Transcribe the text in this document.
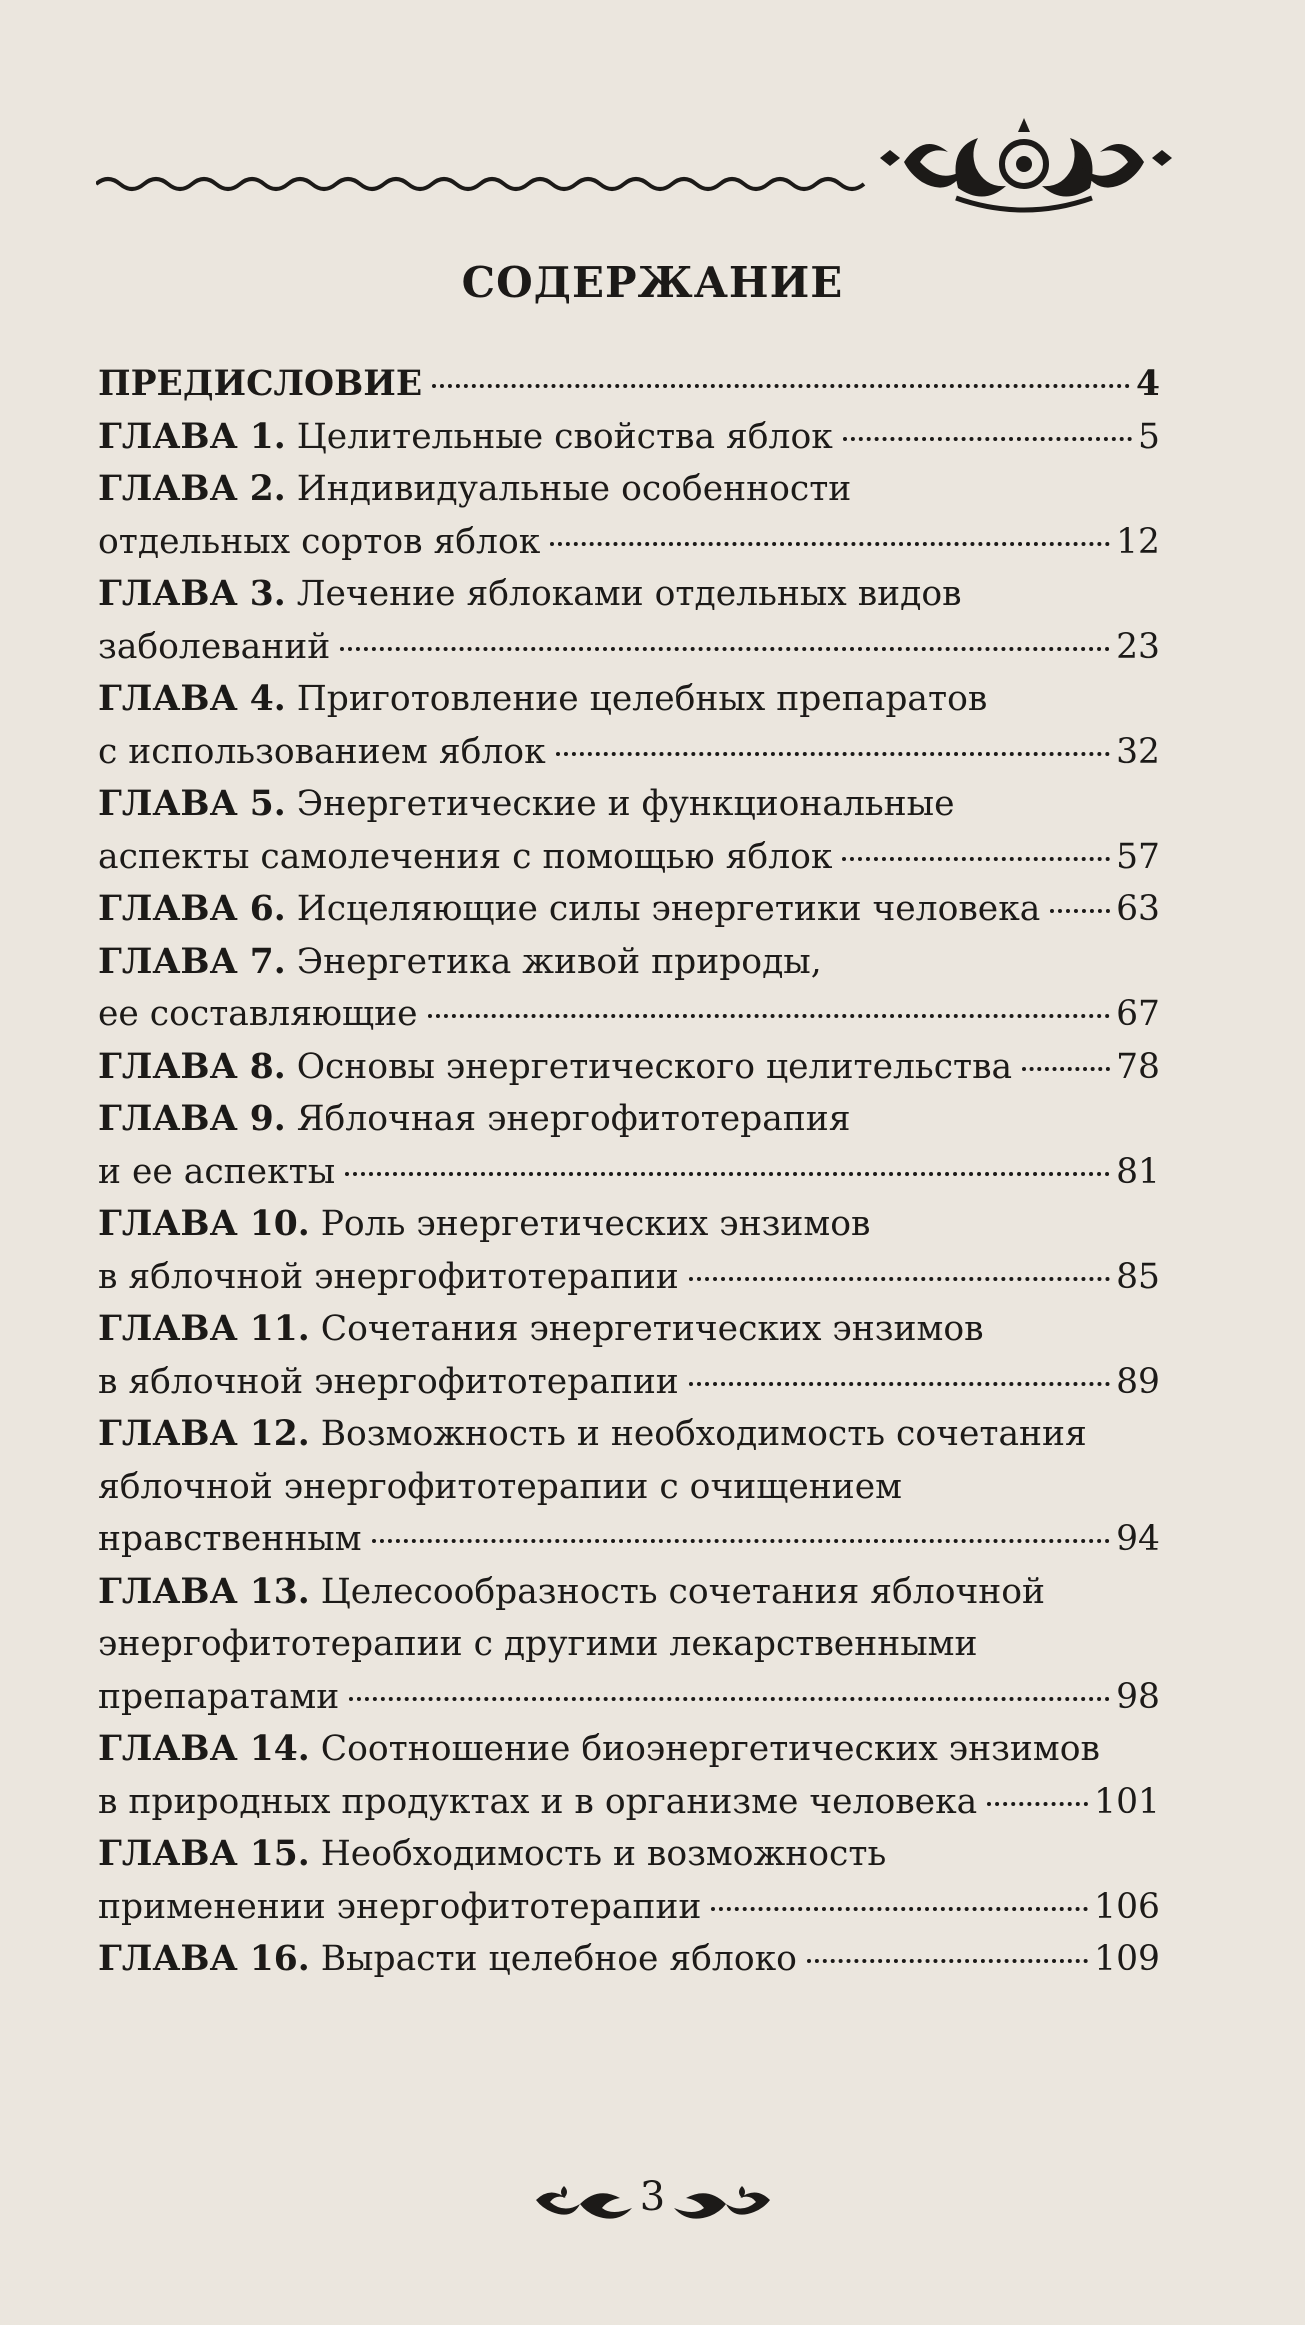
СОДЕРЖАНИЕ
ПРЕДИСЛОВИЕ	4
ГЛАВА 1. Целительные свойства яблок	5
ГЛАВА 2. Индивидуальные особенности
отдельных сортов яблок	12
ГЛАВА 3. Лечение яблоками отдельных видов
заболеваний	23
ГЛАВА 4. Приготовление целебных препаратов
с использованием яблок	32
ГЛАВА 5. Энергетические и функциональные
аспекты самолечения с помощью яблок	57
ГЛАВА 6. Исцеляющие силы энергетики человека 63
ГЛАВА 7. Энергетика живой природы,
ее составляющие	67
ГЛАВА 8. Основы энергетического целительства	78
ГЛАВА 9. Яблочная энергофитотерапия
и ее аспекты	81
ГЛАВА 10. Роль энергетических энзимов
в яблочной энергофитотерапии	85
ГЛАВА 11. Сочетания энергетических энзимов
в яблочной энергофитотерапии	89
ГЛАВА 12. Возможность и необходимость сочетания
яблочной энергофитотерапии с очищением
нравственным	94
ГЛАВА 13. Целесообразность сочетания яблочной
энергофитотерапии с другими лекарственными
препаратами	98
ГЛАВА 14. Соотношение биоэнергетических энзимов
в природных продуктах и в организме человека	101
ГЛАВА 15. Необходимость и возможность
применении энергофитотерапии	106
ГЛАВА 16. Вырасти целебное яблоко	109
3
